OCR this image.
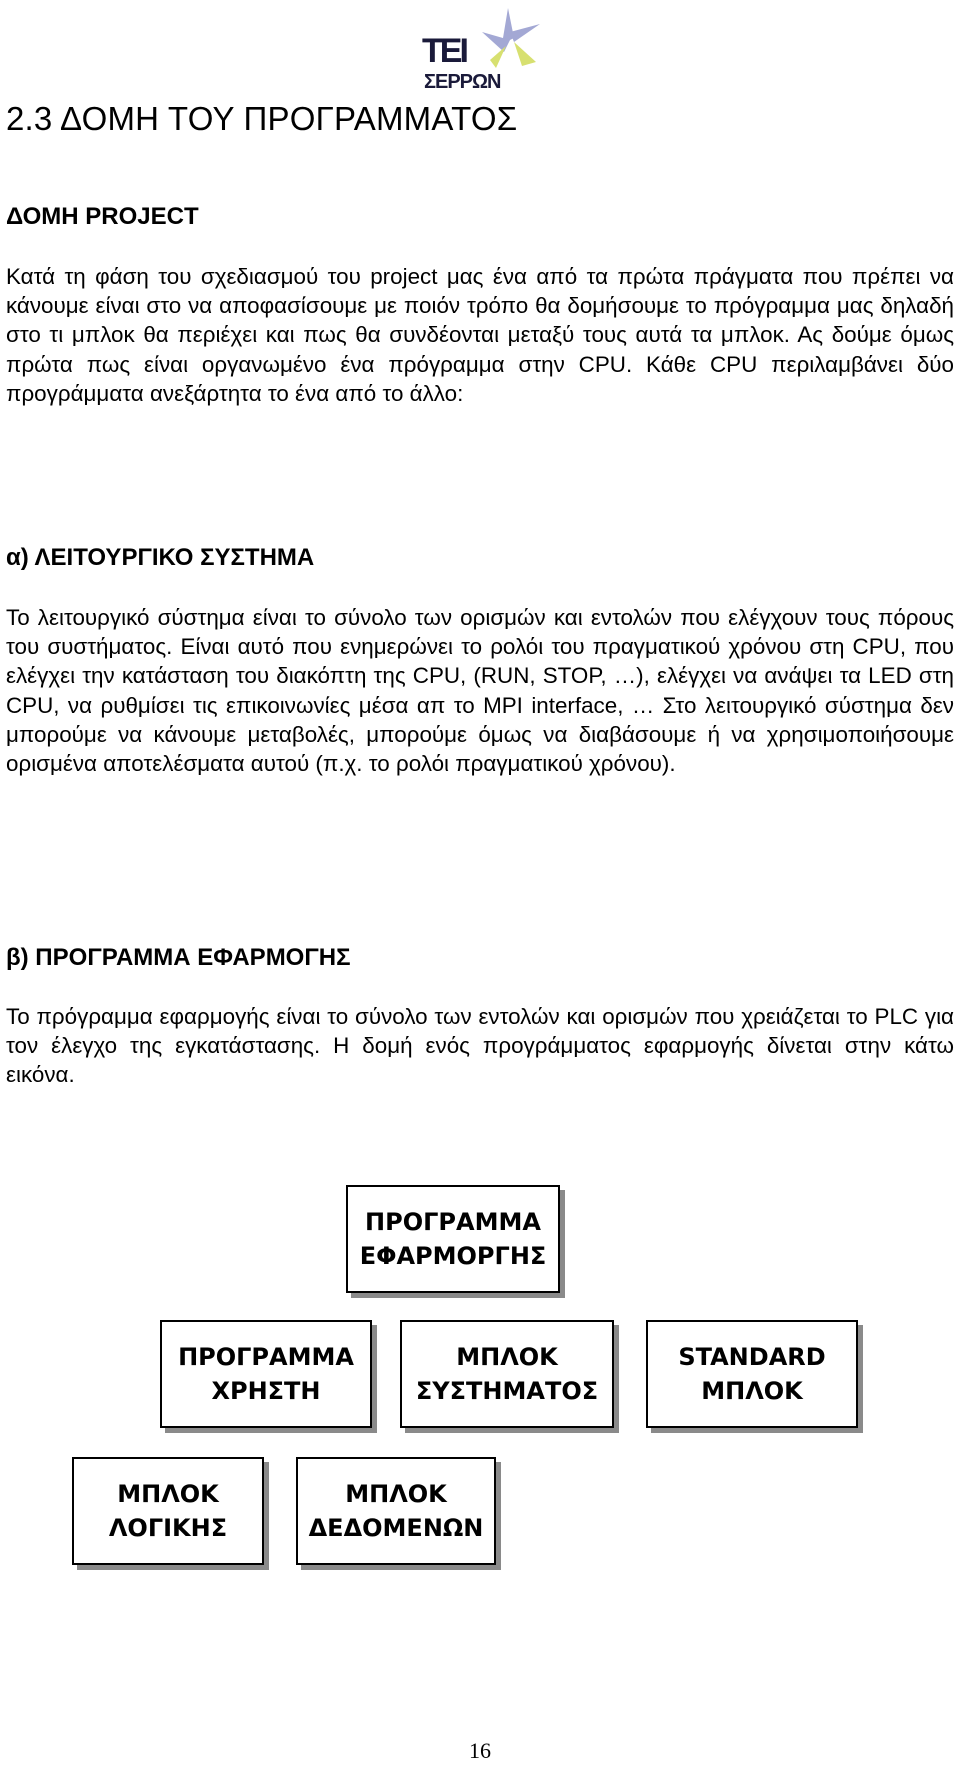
ΤΕΙ
ΣΕΡΡΩΝ
2.3 ΔΟΜΗ ΤΟΥ ΠΡΟΓΡΑΜΜΑΤΟΣ
ΔΟΜΗ PROJECT

Κατά τη φάση του σχεδιασμού του project μας ένα από τα πρώτα πράγματα που πρέπει να κάνουμε είναι στο να αποφασίσουμε με ποιόν τρόπο θα δομήσουμε το πρόγραμμα μας δηλαδή στο τι μπλοκ θα περιέχει και πως θα συνδέονται μεταξύ τους αυτά τα μπλοκ. Ας δούμε όμως πρώτα πως είναι οργανωμένο ένα πρόγραμμα στην CPU. Κάθε CPU περιλαμβάνει δύο προγράμματα ανεξάρτητα το ένα από το άλλο:

α) ΛΕΙΤΟΥΡΓΙΚΟ ΣΥΣΤΗΜΑ

Το λειτουργικό σύστημα είναι το σύνολο των ορισμών και εντολών που ελέγχουν τους πόρους του συστήματος. Είναι αυτό που ενημερώνει το ρολόι του πραγματικού χρόνου στη CPU, που ελέγχει την κατάσταση του διακόπτη της CPU, (RUN, STOP, …), ελέγχει να ανάψει τα LED στη CPU, να ρυθμίσει τις επικοινωνίες μέσα απ το MPI interface, … Στο λειτουργικό σύστημα δεν μπορούμε να κάνουμε μεταβολές, μπορούμε όμως να διαβάσουμε ή να χρησιμοποιήσουμε ορισμένα αποτελέσματα αυτού (π.χ. το ρολόι πραγματικού χρόνου).

β) ΠΡΟΓΡΑΜΜΑ ΕΦΑΡΜΟΓΗΣ

Το πρόγραμμα εφαρμογής είναι το σύνολο των εντολών και ορισμών που χρειάζεται το PLC για τον έλεγχο της εγκατάστασης. Η δομή ενός προγράμματος εφαρμογής δίνεται στην κάτω εικόνα.

ΠΡΟΓΡΑΜΜΑ
ΕΦΑΡΜΟΡΓΗΣ
ΠΡΟΓΡΑΜΜΑ
ΧΡΗΣΤΗ
ΜΠΛΟΚ
ΣΥΣΤΗΜΑΤΟΣ
STANDARD
ΜΠΛΟΚ
ΜΠΛΟΚ
ΛΟΓΙΚΗΣ
ΜΠΛΟΚ
ΔΕΔΟΜΕΝΩΝ
16
